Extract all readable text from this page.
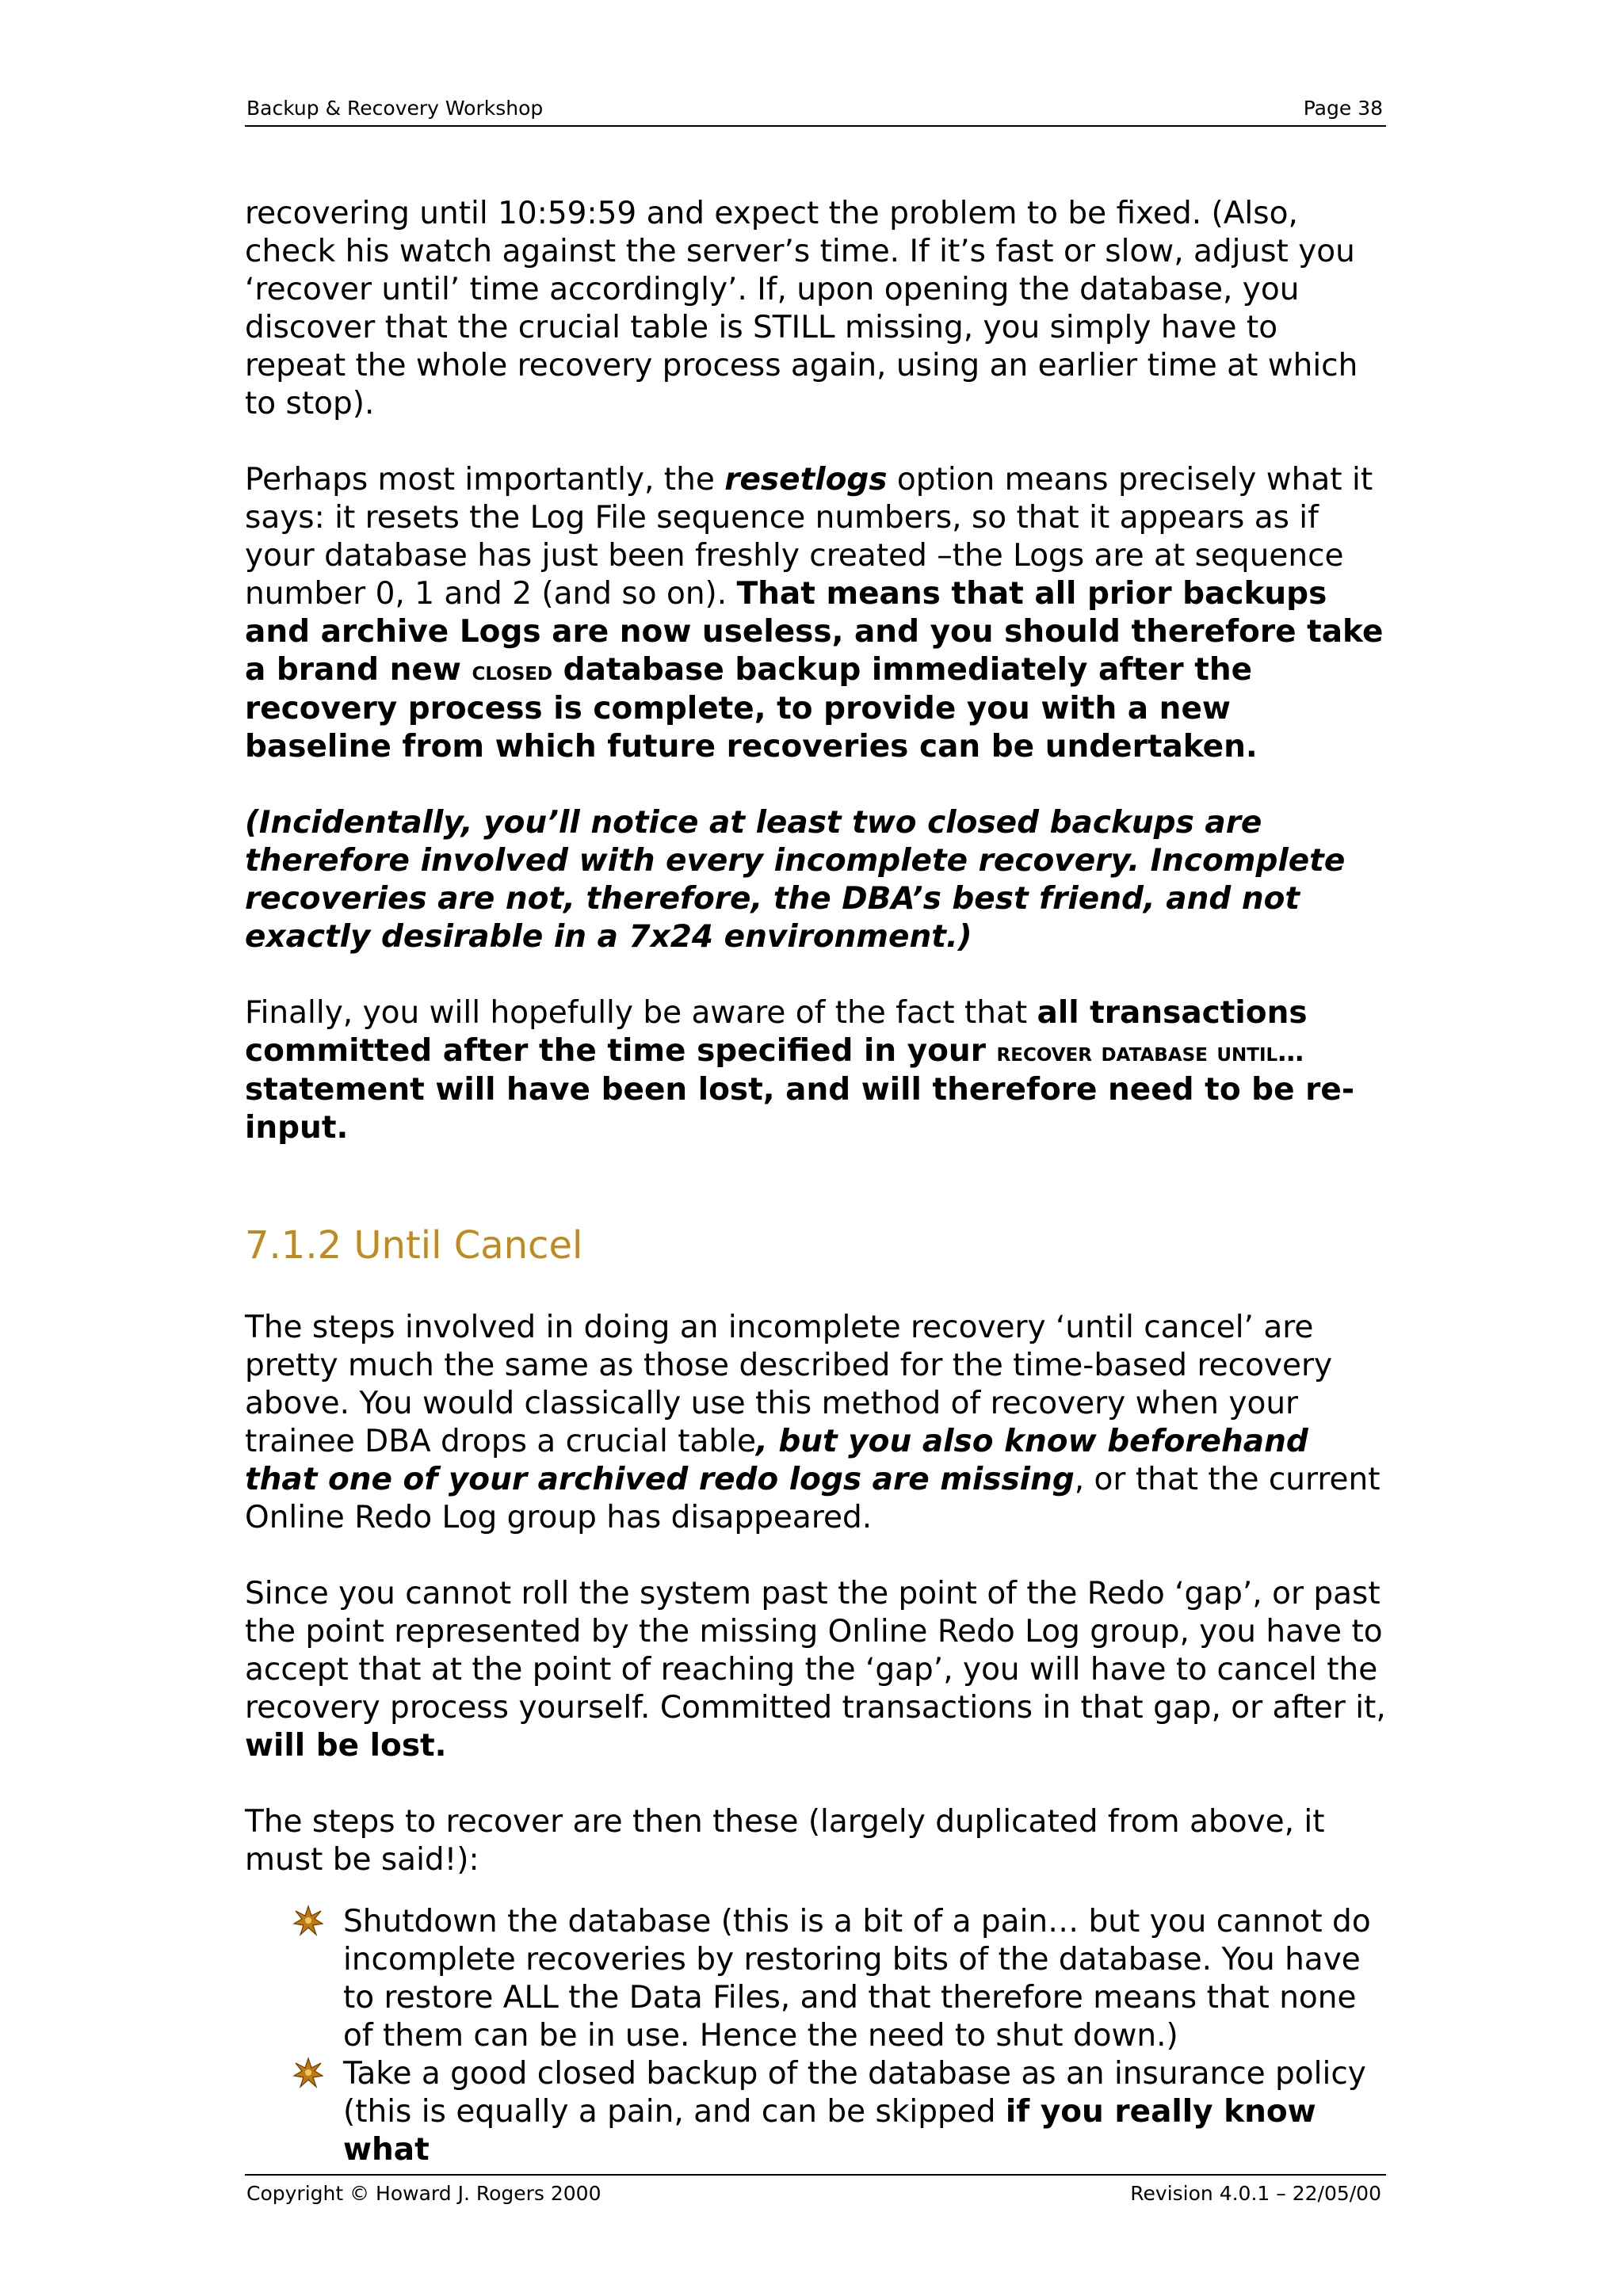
Backup & Recovery Workshop	Page 38

recovering until 10:59:59 and expect the problem to be fixed. (Also, check his watch against the server’s time. If it’s fast or slow, adjust you ‘recover until’ time accordingly’. If, upon opening the database, you discover that the crucial table is STILL missing, you simply have to repeat the whole recovery process again, using an earlier time at which to stop).

Perhaps most importantly, the resetlogs option means precisely what it says: it resets the Log File sequence numbers, so that it appears as if your database has just been freshly created –the Logs are at sequence number 0, 1 and 2 (and so on). That means that all prior backups and archive Logs are now useless, and you should therefore take a brand new closed database backup immediately after the recovery process is complete, to provide you with a new baseline from which future recoveries can be undertaken.

(Incidentally, you’ll notice at least two closed backups are therefore involved with every incomplete recovery. Incomplete recoveries are not, therefore, the DBA’s best friend, and not exactly desirable in a 7x24 environment.)

Finally, you will hopefully be aware of the fact that all transactions committed after the time specified in your recover database until… statement will have been lost, and will therefore need to be re-input.

7.1.2 Until Cancel

The steps involved in doing an incomplete recovery ‘until cancel’ are pretty much the same as those described for the time-based recovery above. You would classically use this method of recovery when your trainee DBA drops a crucial table, but you also know beforehand that one of your archived redo logs are missing, or that the current Online Redo Log group has disappeared.

Since you cannot roll the system past the point of the Redo ‘gap’, or past the point represented by the missing Online Redo Log group, you have to accept that at the point of reaching the ‘gap’, you will have to cancel the recovery process yourself. Committed transactions in that gap, or after it, will be lost.

The steps to recover are then these (largely duplicated from above, it must be said!):

Shutdown the database (this is a bit of a pain… but you cannot do incomplete recoveries by restoring bits of the database. You have to restore ALL the Data Files, and that therefore means that none of them can be in use. Hence the need to shut down.)
Take a good closed backup of the database as an insurance policy (this is equally a pain, and can be skipped if you really know what
Copyright © Howard J. Rogers 2000	Revision 4.0.1 – 22/05/00
